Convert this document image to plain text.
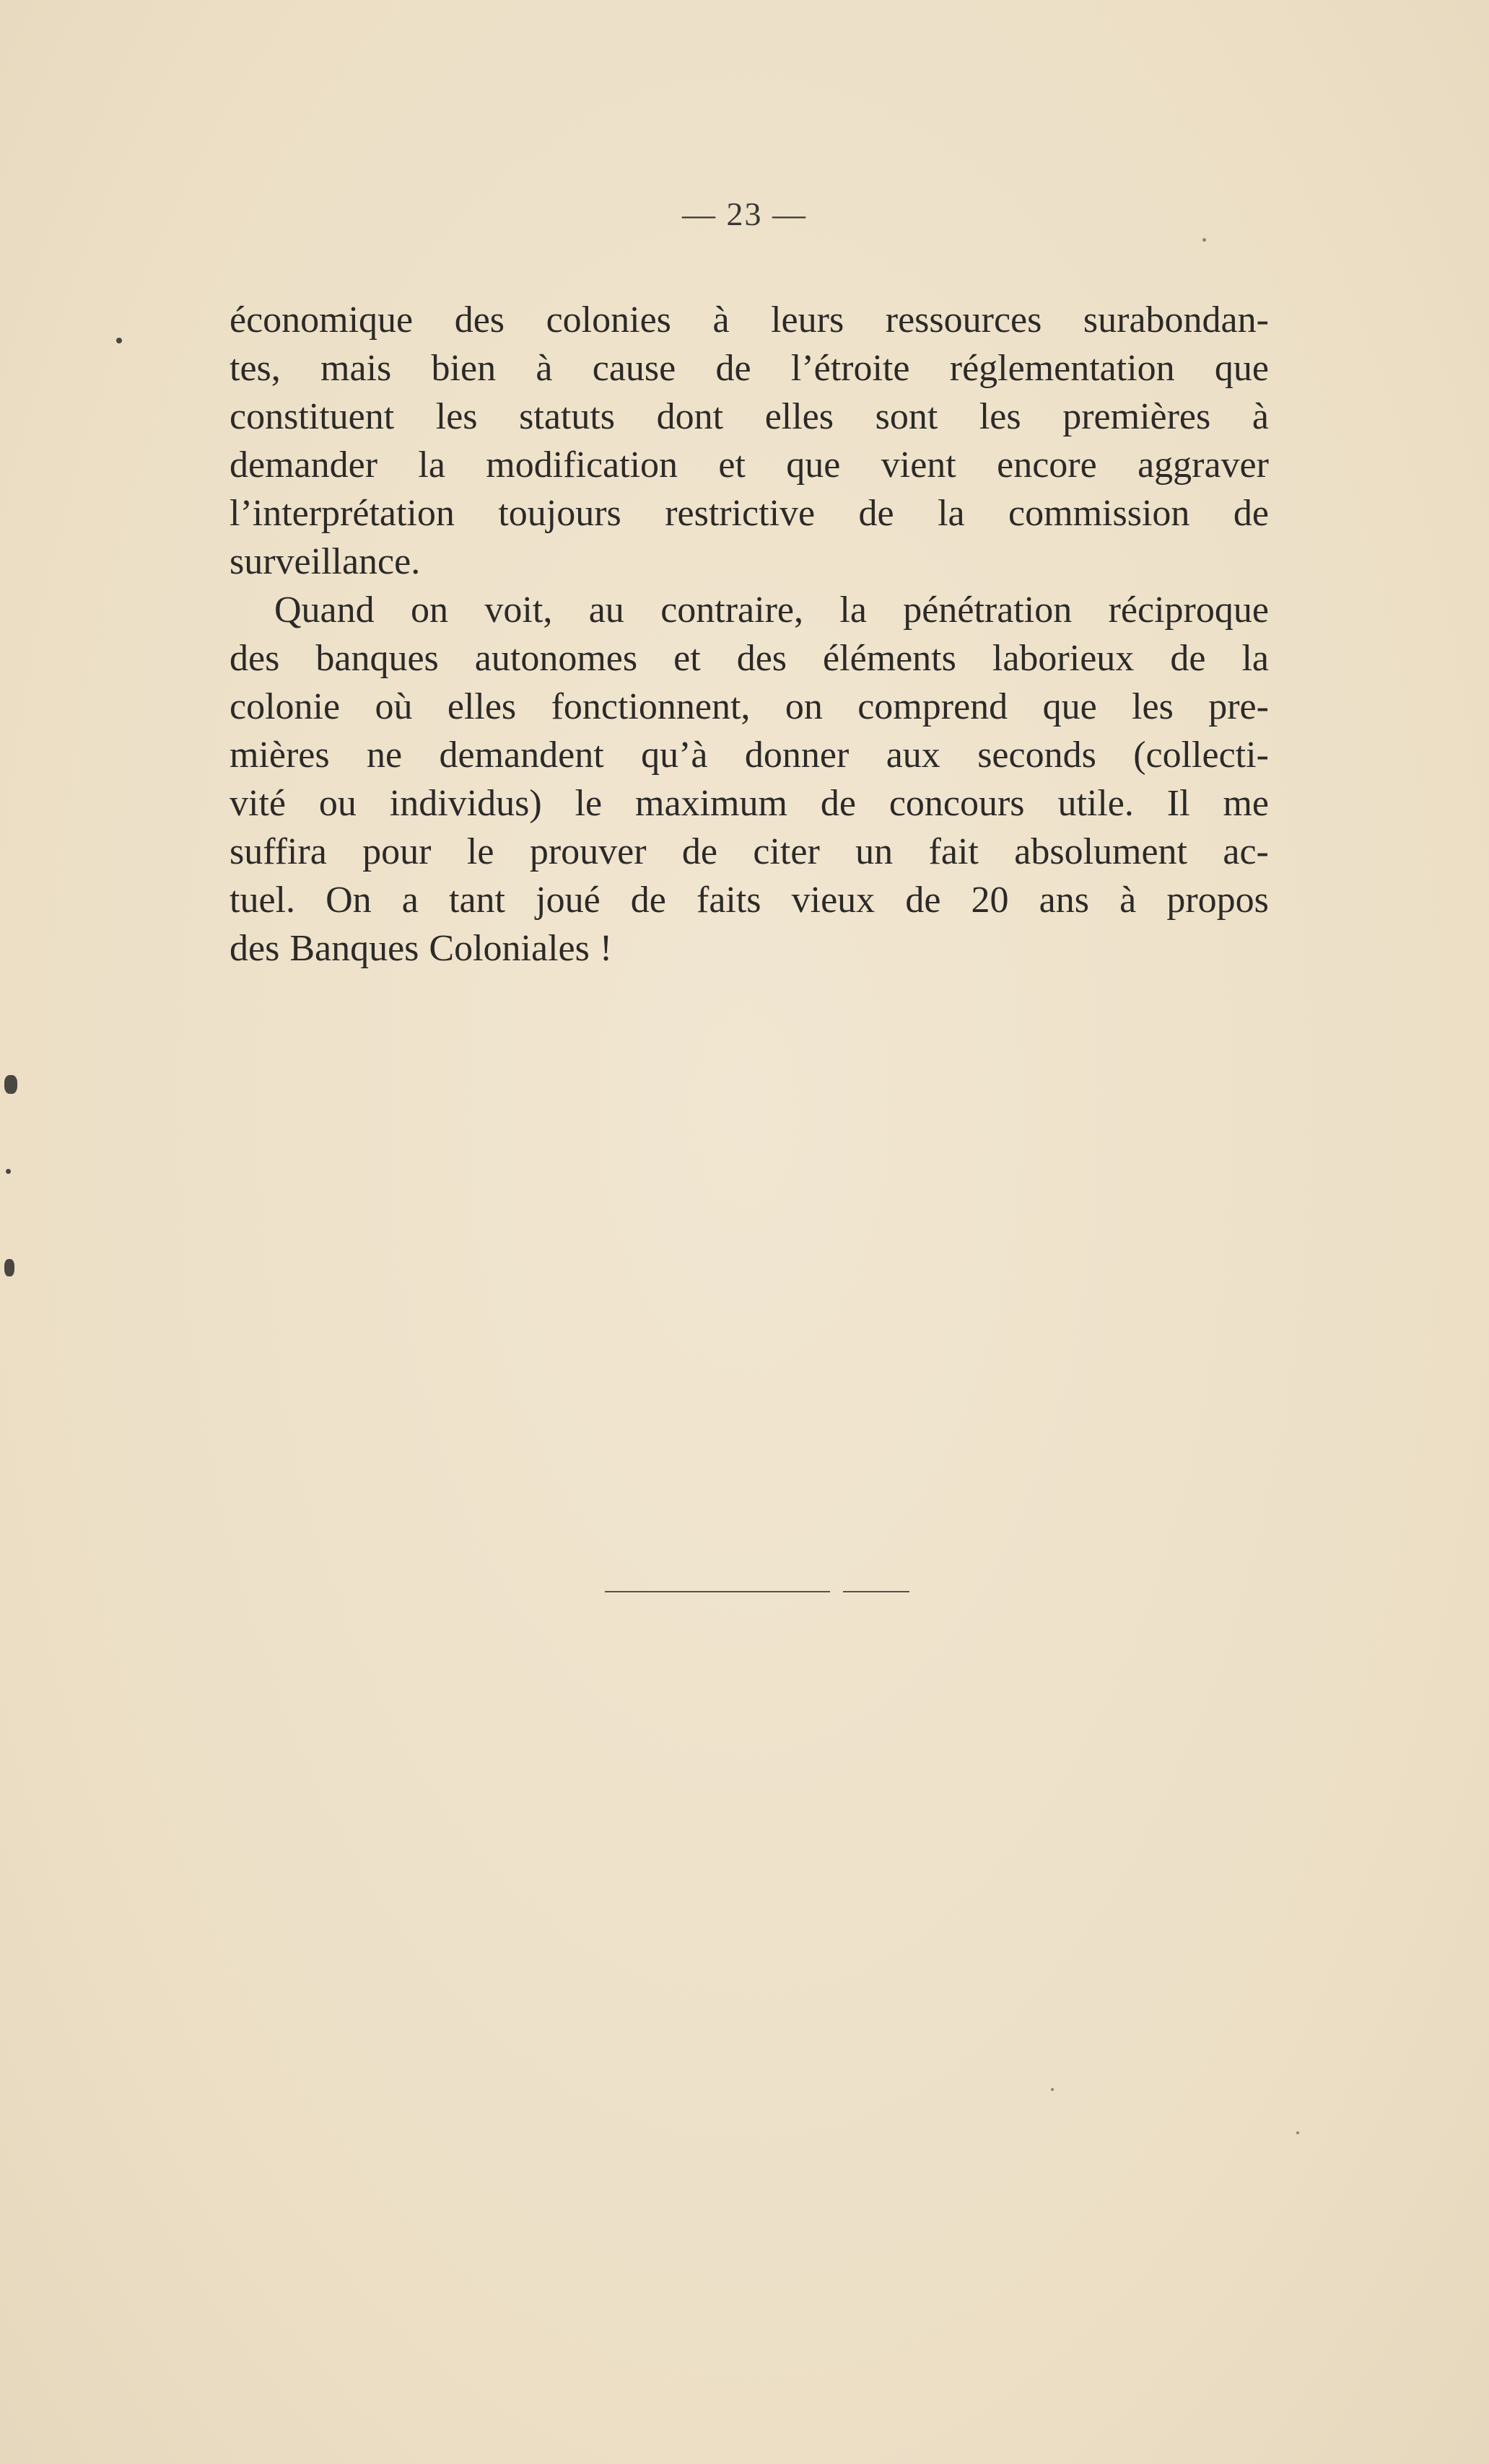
— 23 —
économique des colonies à leurs ressources surabondan-
tes, mais bien à cause de l’étroite réglementation que
constituent les statuts dont elles sont les premières à
demander la modification et que vient encore aggraver
l’interprétation toujours restrictive de la commission de
surveillance.
Quand on voit, au contraire, la pénétration réciproque
des banques autonomes et des éléments laborieux de la
colonie où elles fonctionnent, on comprend que les pre-
mières ne demandent qu’à donner aux seconds (collecti-
vité ou individus) le maximum de concours utile. Il me
suffira pour le prouver de citer un fait absolument ac-
tuel. On a tant joué de faits vieux de 20 ans à propos
des Banques Coloniales !
